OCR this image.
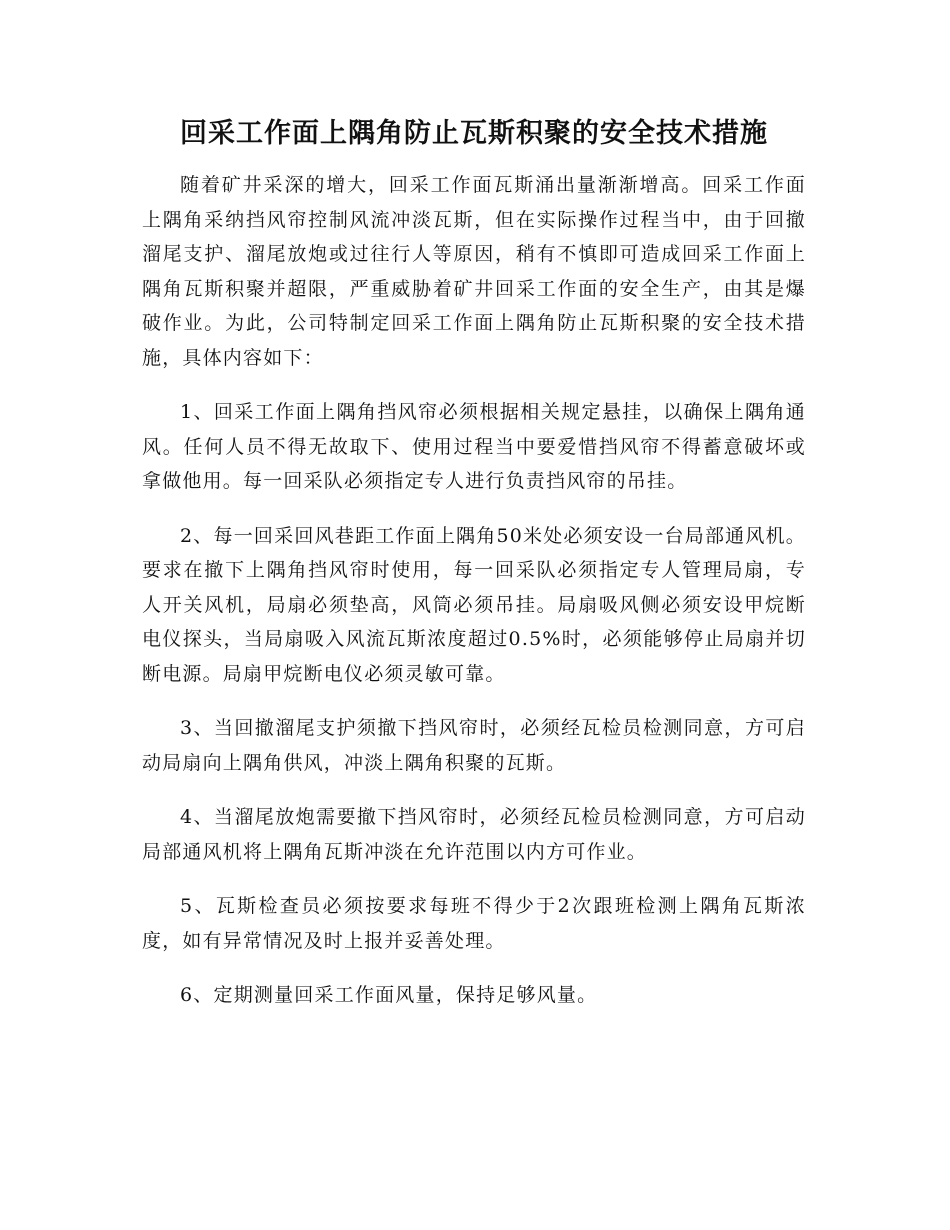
回采工作面上隅角防止瓦斯积聚的安全技术措施

随着矿井采深的增大，回采工作面瓦斯涌出量渐渐增高。回采工作面上隅角采纳挡风帘控制风流冲淡瓦斯，但在实际操作过程当中，由于回撤溜尾支护、溜尾放炮或过往行人等原因，稍有不慎即可造成回采工作面上隅角瓦斯积聚并超限，严重威胁着矿井回采工作面的安全生产，由其是爆破作业。为此，公司特制定回采工作面上隅角防止瓦斯积聚的安全技术措施，具体内容如下：

1、回采工作面上隅角挡风帘必须根据相关规定悬挂，以确保上隅角通风。任何人员不得无故取下、使用过程当中要爱惜挡风帘不得蓄意破坏或拿做他用。每一回采队必须指定专人进行负责挡风帘的吊挂。

2、每一回采回风巷距工作面上隅角50米处必须安设一台局部通风机。要求在撤下上隅角挡风帘时使用，每一回采队必须指定专人管理局扇，专人开关风机，局扇必须垫高，风筒必须吊挂。局扇吸风侧必须安设甲烷断电仪探头，当局扇吸入风流瓦斯浓度超过0.5%时，必须能够停止局扇并切断电源。局扇甲烷断电仪必须灵敏可靠。

3、当回撤溜尾支护须撤下挡风帘时，必须经瓦检员检测同意，方可启动局扇向上隅角供风，冲淡上隅角积聚的瓦斯。

4、当溜尾放炮需要撤下挡风帘时，必须经瓦检员检测同意，方可启动局部通风机将上隅角瓦斯冲淡在允许范围以内方可作业。

5、瓦斯检查员必须按要求每班不得少于2次跟班检测上隅角瓦斯浓度，如有异常情况及时上报并妥善处理。

6、定期测量回采工作面风量，保持足够风量。
